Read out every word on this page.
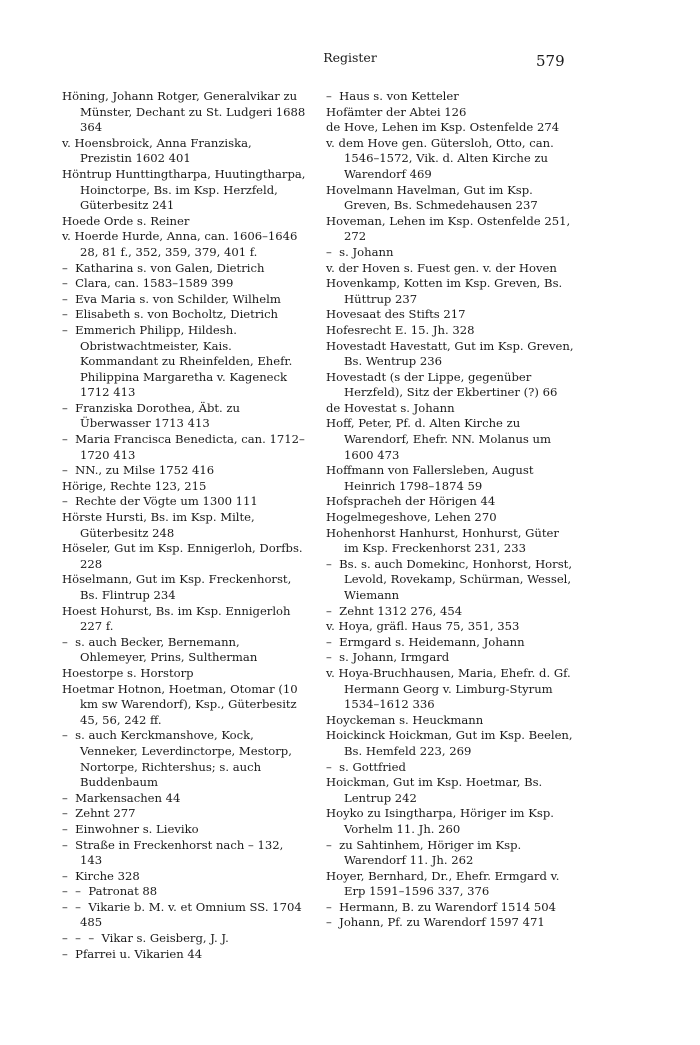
Register	579
Höning, Johann Rotger, Generalvikar zu Münster, Dechant zu St. Ludgeri 1688 364
v. Hoensbroick, Anna Franziska, Prezistin 1602 401
Höntrup Hunttingtharpa, Huutingtharpa, Hoinctorpe, Bs. im Ksp. Herzfeld, Güterbesitz 241
Hoede Orde s. Reiner
v. Hoerde Hurde, Anna, can. 1606–1646 28, 81 f., 352, 359, 379, 401 f.
–  Katharina s. von Galen, Dietrich
–  Clara, can. 1583–1589 399
–  Eva Maria s. von Schilder, Wilhelm
–  Elisabeth s. von Bocholtz, Dietrich
–  Emmerich Philipp, Hildesh. Obristwachtmeister, Kais. Kommandant zu Rheinfelden, Ehefr. Philippina Margaretha v. Kageneck 1712 413
–  Franziska Dorothea, Äbt. zu Überwasser 1713 413
–  Maria Francisca Benedicta, can. 1712–1720 413
–  NN., zu Milse 1752 416
Hörige, Rechte 123, 215
–  Rechte der Vögte um 1300 111
Hörste Hursti, Bs. im Ksp. Milte, Güterbesitz 248
Höseler, Gut im Ksp. Ennigerloh, Dorfbs. 228
Höselmann, Gut im Ksp. Freckenhorst, Bs. Flintrup 234
Hoest Hohurst, Bs. im Ksp. Ennigerloh 227 f.
–  s. auch Becker, Bernemann, Ohlemeyer, Prins, Sultherman
Hoestorpe s. Horstorp
Hoetmar Hotnon, Hoetman, Otomar (10 km sw Warendorf), Ksp., Güterbesitz 45, 56, 242 ff.
–  s. auch Kerckmanshove, Kock, Venneker, Leverdinctorpe, Mestorp, Nortorpe, Richtershus; s. auch Buddenbaum
–  Markensachen 44
–  Zehnt 277
–  Einwohner s. Lieviko
–  Straße in Freckenhorst nach – 132, 143
–  Kirche 328
–  –  Patronat 88
–  –  Vikarie b. M. v. et Omnium SS. 1704 485
–  –  –  Vikar s. Geisberg, J. J.
–  Pfarrei u. Vikarien 44
–  Haus s. von Ketteler
Hofämter der Abtei 126
de Hove, Lehen im Ksp. Ostenfelde 274
v. dem Hove gen. Gütersloh, Otto, can. 1546–1572, Vik. d. Alten Kirche zu Warendorf 469
Hovelmann Havelman, Gut im Ksp. Greven, Bs. Schmedehausen 237
Hoveman, Lehen im Ksp. Ostenfelde 251, 272
–  s. Johann
v. der Hoven s. Fuest gen. v. der Hoven
Hovenkamp, Kotten im Ksp. Greven, Bs. Hüttrup 237
Hovesaat des Stifts 217
Hofesrecht E. 15. Jh. 328
Hovestadt Havestatt, Gut im Ksp. Greven, Bs. Wentrup 236
Hovestadt (s der Lippe, gegenüber Herzfeld), Sitz der Ekbertiner (?) 66
de Hovestat s. Johann
Hoff, Peter, Pf. d. Alten Kirche zu Warendorf, Ehefr. NN. Molanus um 1600 473
Hoffmann von Fallersleben, August Heinrich 1798–1874 59
Hofspracheh der Hörigen 44
Hogelmegeshove, Lehen 270
Hohenhorst Hanhurst, Honhurst, Güter im Ksp. Freckenhorst 231, 233
–  Bs. s. auch Domekinc, Honhorst, Horst, Levold, Rovekamp, Schürman, Wessel, Wiemann
–  Zehnt 1312 276, 454
v. Hoya, gräfl. Haus 75, 351, 353
–  Ermgard s. Heidemann, Johann
–  s. Johann, Irmgard
v. Hoya-Bruchhausen, Maria, Ehefr. d. Gf. Hermann Georg v. Limburg-Styrum 1534–1612 336
Hoyckeman s. Heuckmann
Hoickinck Hoickman, Gut im Ksp. Beelen, Bs. Hemfeld 223, 269
–  s. Gottfried
Hoickman, Gut im Ksp. Hoetmar, Bs. Lentrup 242
Hoyko zu Isingtharpa, Höriger im Ksp. Vorhelm 11. Jh. 260
–  zu Sahtinhem, Höriger im Ksp. Warendorf 11. Jh. 262
Hoyer, Bernhard, Dr., Ehefr. Ermgard v. Erp 1591–1596 337, 376
–  Hermann, B. zu Warendorf 1514 504
–  Johann, Pf. zu Warendorf 1597 471
